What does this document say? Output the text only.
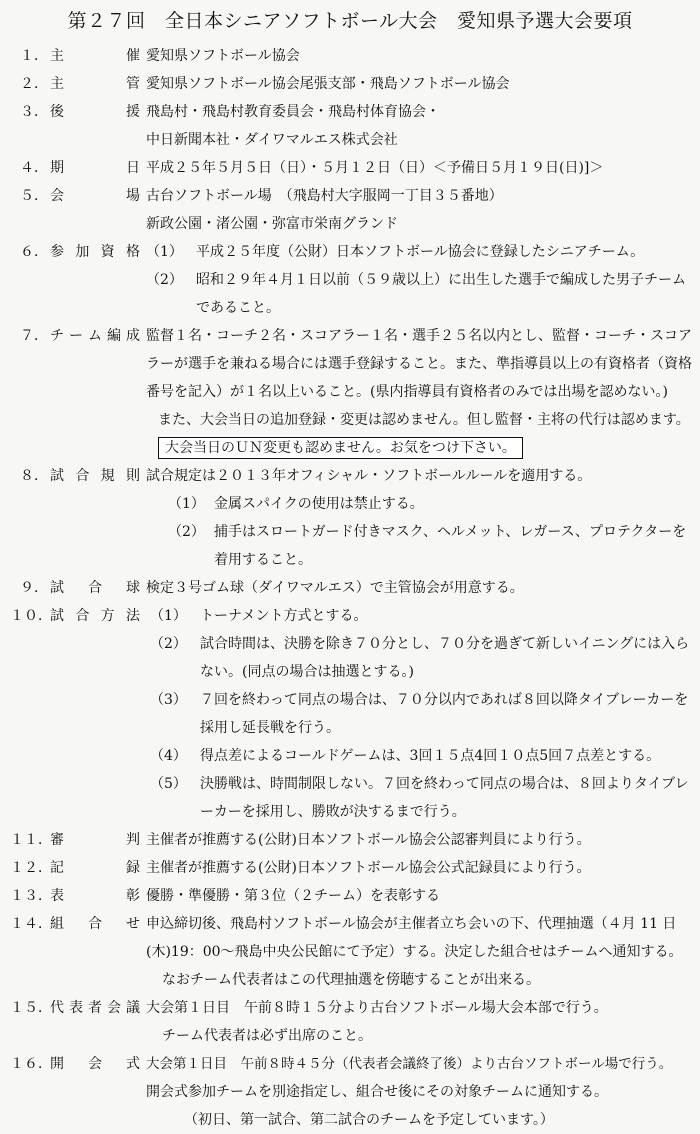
第２７回　全日本シニアソフトボール大会　愛知県予選大会要項
１． 主　　催 愛知県ソフトボール協会
２． 主　　管 愛知県ソフトボール協会尾張支部・飛島ソフトボール協会
３． 後　　援 飛島村・飛島村教育委員会・飛島村体育協会・
中日新聞本社・ダイワマルエス株式会社
４． 期　　日 平成２５年５月５日（日）・５月１２日（日）＜予備日５月１９日(日)]＞
５． 会　　場 古台ソフトボール場　（飛島村大字服岡一丁目３５番地）
新政公園・渚公園・弥富市栄南グランド
６． 参加資格 （1） 平成２５年度（公財）日本ソフトボール協会に登録したシニアチーム。
（2） 昭和２９年４月１日以前（５９歳以上）に出生した選手で編成した男子チーム
であること。
７． チーム編成 監督１名・コーチ２名・スコアラー１名・選手２５名以内とし、監督・コーチ・スコア
ラーが選手を兼ねる場合には選手登録すること。また、準指導員以上の有資格者（資格
番号を記入）が１名以上いること。(県内指導員有資格者のみでは出場を認めない。)
また、大会当日の追加登録・変更は認めません。但し監督・主将の代行は認めます。
大会当日のＵＮ変更も認めません。お気をつけ下さい。
８． 試合規則 試合規定は２０１３年オフィシャル・ソフトボールルールを適用する。
（1） 金属スパイクの使用は禁止する。
（2） 捕手はスロートガード付きマスク、ヘルメット、レガース、プロテクターを
着用すること。
９． 試 合 球 検定３号ゴム球（ダイワマルエス）で主管協会が用意する。
１０．
試合方法 （1） トーナメント方式とする。
（2） 試合時間は、決勝を除き７０分とし、７０分を過ぎて新しいイニングには入ら
ない。(同点の場合は抽選とする。)
（3） ７回を終わって同点の場合は、７０分以内であれば８回以降タイブレーカーを
採用し延長戦を行う。
（4） 得点差によるコールドゲームは、3回１５点4回１０点5回７点差とする。
（5） 決勝戦は、時間制限しない。７回を終わって同点の場合は、８回よりタイブレ
ーカーを採用し、勝敗が決するまで行う。
１１．
審　　判 主催者が推薦する(公財)日本ソフトボール協会公認審判員により行う。
１２．
記　　録 主催者が推薦する(公財)日本ソフトボール協会公式記録員により行う。
１３．
表　　彰 優勝・準優勝・第３位（２チーム）を表彰する
１４．
組　合　せ 申込締切後、飛島村ソフトボール協会が主催者立ち会いの下、代理抽選（４月 11 日
(木)19：00～飛島中央公民館にて予定）する。決定した組合せはチームへ通知する。
なおチーム代表者はこの代理抽選を傍聴することが出来る。
１５．
代表者会議 大会第１日目　午前８時１５分より古台ソフトボール場大会本部で行う。
チーム代表者は必ず出席のこと。
１６．
開　会　式 大会第１日目　午前８時４５分（代表者会議終了後）より古台ソフトボール場で行う。
開会式参加チームを別途指定し、組合せ後にその対象チームに通知する。
（初日、第一試合、第二試合のチームを予定しています。）
